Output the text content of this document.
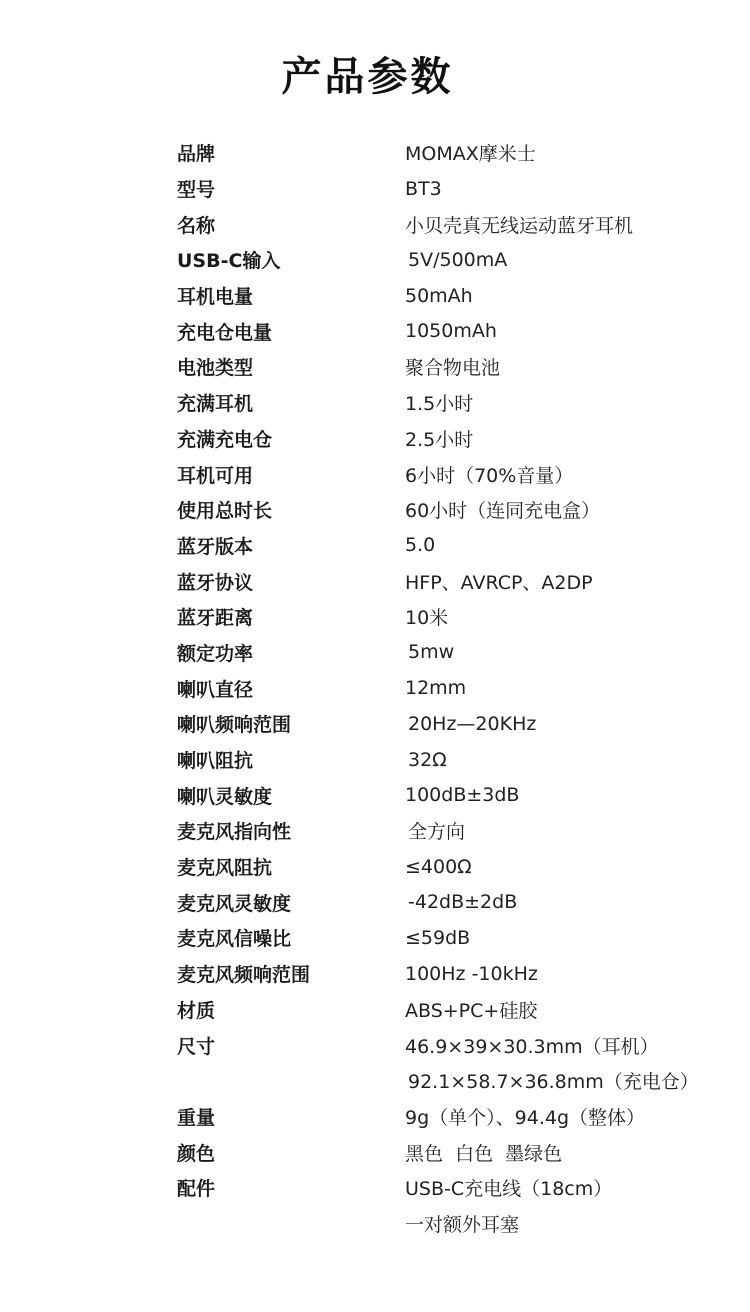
产品参数
品牌	MOMAX摩米士
型号	BT3
名称	小贝壳真无线运动蓝牙耳机
USB-C输入	5V/500mA
耳机电量	50mAh
充电仓电量	1050mAh
电池类型	聚合物电池
充满耳机	1.5小时
充满充电仓	2.5小时
耳机可用	6小时（70%音量）
使用总时长	60小时（连同充电盒）
蓝牙版本	5.0
蓝牙协议	HFP、AVRCP、A2DP
蓝牙距离	10米
额定功率	5mw
喇叭直径	12mm
喇叭频响范围	20Hz—20KHz
喇叭阻抗	32Ω
喇叭灵敏度	100dB±3dB
麦克风指向性	全方向
麦克风阻抗	≤400Ω
麦克风灵敏度	-42dB±2dB
麦克风信噪比	≤59dB
麦克风频响范围	100Hz -10kHz
材质	ABS+PC+硅胶
尺寸	46.9×39×30.3mm（耳机）
92.1×58.7×36.8mm（充电仓）
重量	9g（单个）、94.4g（整体）
颜色	黑色  白色  墨绿色
配件	USB-C充电线（18cm）
一对额外耳塞
